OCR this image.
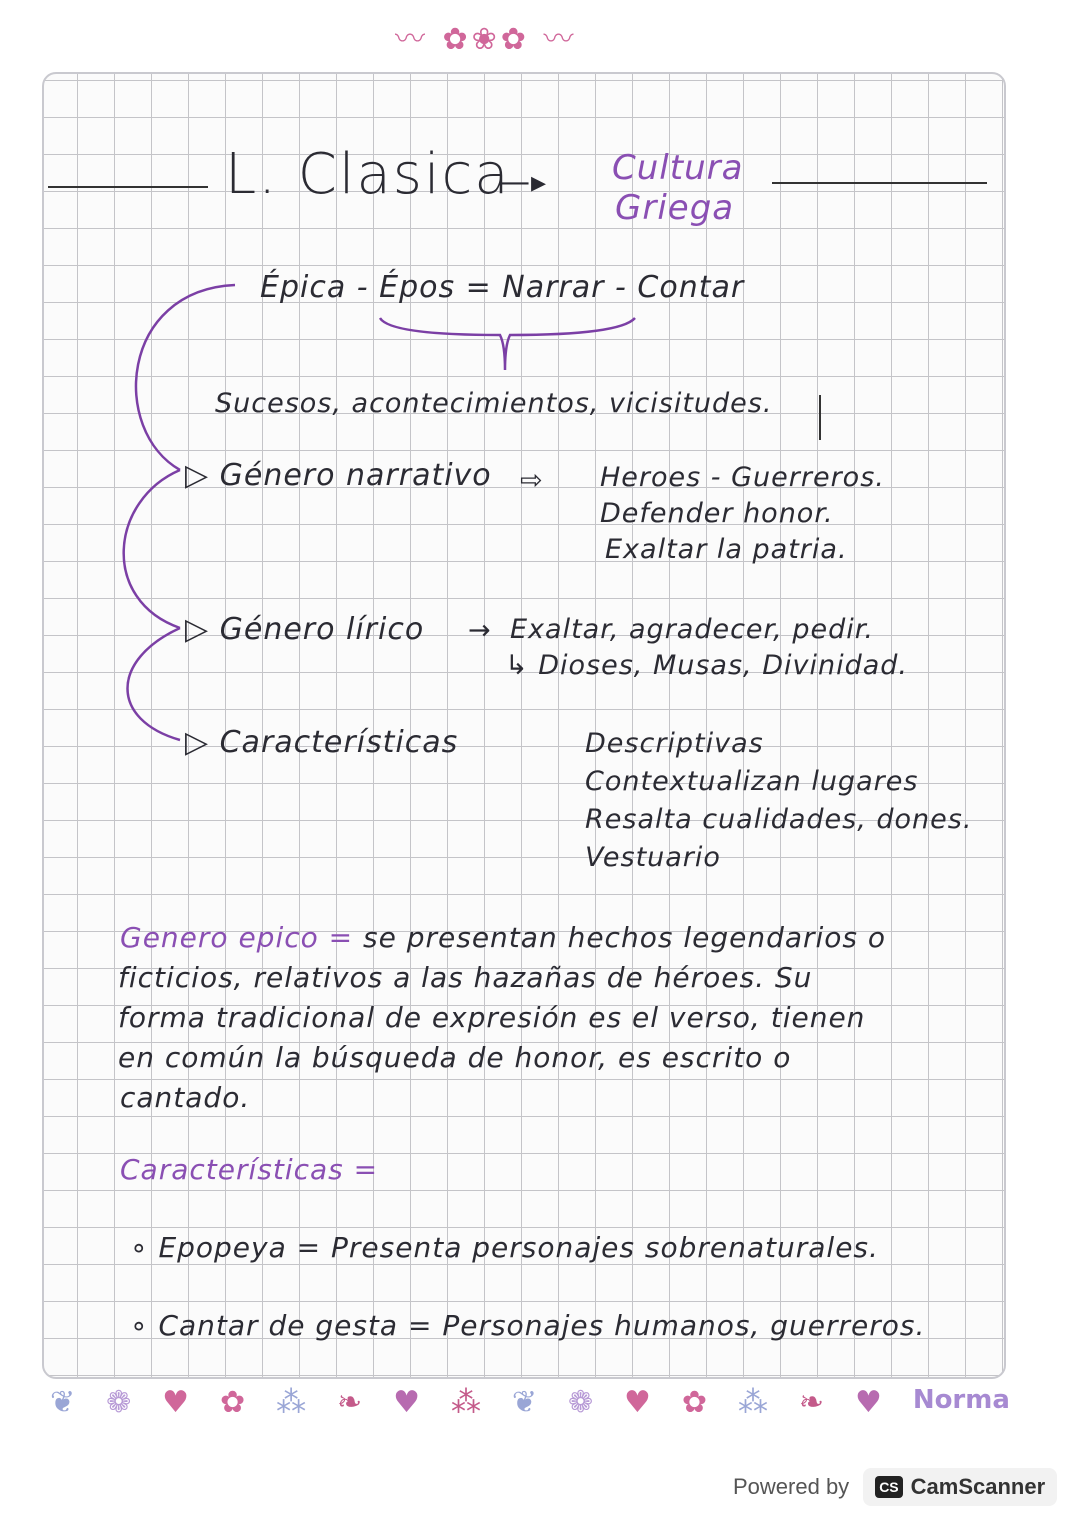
〰 ✿❀✿ 〰
L. Clasica
—▸ Cultura
Griega
Épica - Épos = Narrar - Contar
Sucesos, acontecimientos, vicisitudes.
▷ Género narrativo ⇨ Heroes - Guerreros.
Defender honor.
Exaltar la patria.
▷ Género lírico → Exaltar, agradecer, pedir.
↳ Dioses, Musas, Divinidad.
▷ Características	Descriptivas
Contextualizan lugares
Resalta cualidades, dones.
Vestuario
Genero epico = se presentan hechos legendarios o
ficticios, relativos a las hazañas de héroes. Su
forma tradicional de expresión es el verso, tienen
en común la búsqueda de honor, es escrito o
cantado.
Características =
∘ Epopeya = Presenta personajes sobrenaturales.
∘ Cantar de gesta = Personajes humanos, guerreros.
❦ ❁ ♥ ✿ ⁂ ❧ ♥ ⁂ ❦ ❁ ♥ ✿ ⁂ ❧ ♥ Norma
Powered by CS CamScanner
